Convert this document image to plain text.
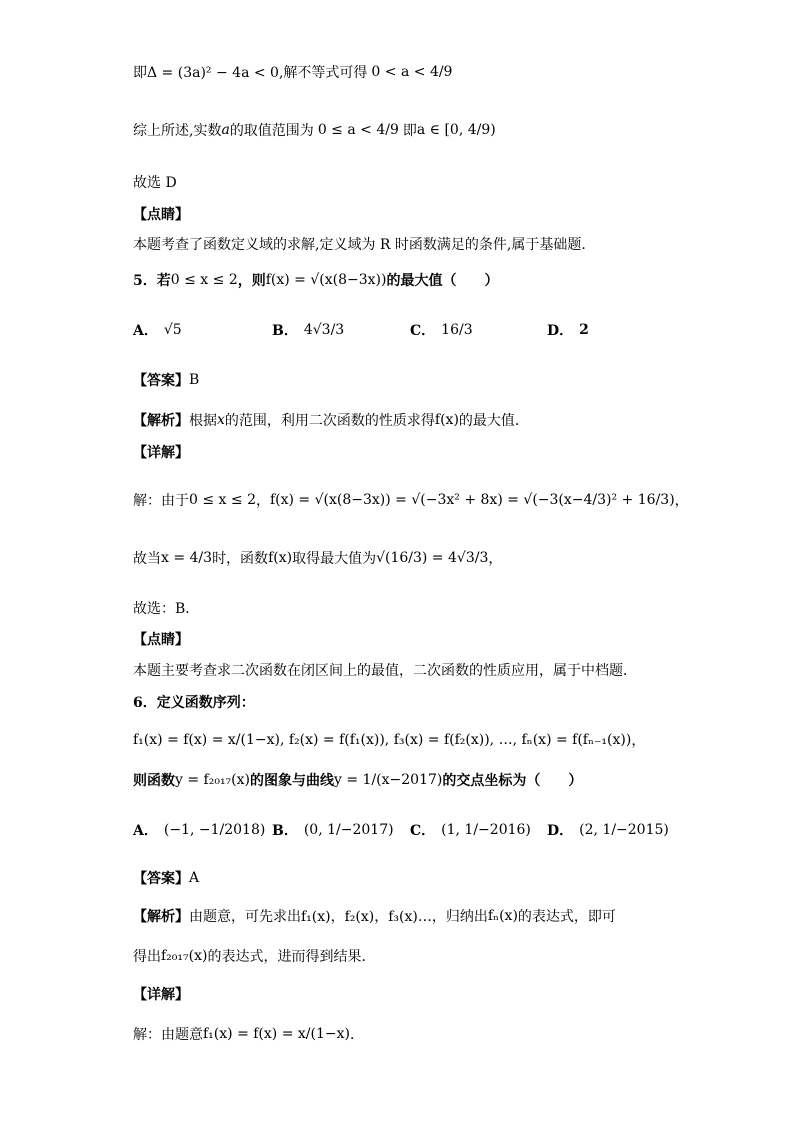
即Δ = (3a)² − 4a < 0 ,解不等式可得 0 < a < 4/9
综上所述,实数 a 的取值范围为 0 ≤ a < 4/9 即 a ∈ [0, 4/9)
故选 D
【点睛】
本题考查了函数定义域的求解,定义域为 R 时函数满足的条件,属于基础题.
5．若 0 ≤ x ≤ 2 ，则 f(x) = √(x(8−3x)) 的最大值（　　）
A． √5	B． 4√3/3	C． 16/3	D． 2
【答案】 B
【解析】 根据 x 的范围，利用二次函数的性质求得 f(x) 的最大值．
【详解】
解：由于 0 ≤ x ≤ 2 ， f(x) = √(x(8−3x)) = √(−3x² + 8x) = √(−3(x−4/3)² + 16/3) ，
故当 x = 4/3 时，函数 f(x) 取得最大值为 √(16/3) = 4√3/3 ，
故选：B．
【点睛】
本题主要考查求二次函数在闭区间上的最值，二次函数的性质应用，属于中档题．
6．定义函数序列：
f₁(x) = f(x) = x/(1−x), f₂(x) = f(f₁(x)), f₃(x) = f(f₂(x)), …, fₙ(x) = f(fₙ₋₁(x)) ，
则函数 y = f₂₀₁₇(x) 的图象与曲线 y = 1/(x−2017) 的交点坐标为（　　）
A． (−1, −1/2018) B． (0, 1/−2017) C． (1, 1/−2016) D． (2, 1/−2015)
【答案】 A
【解析】 由题意，可先求出 f₁(x)，f₂(x)，f₃(x)… ，归纳出 fₙ(x) 的表达式，即可
得出 f₂₀₁₇(x) 的表达式，进而得到结果．
【详解】
解：由题意 f₁(x) = f(x) = x/(1−x) ．
